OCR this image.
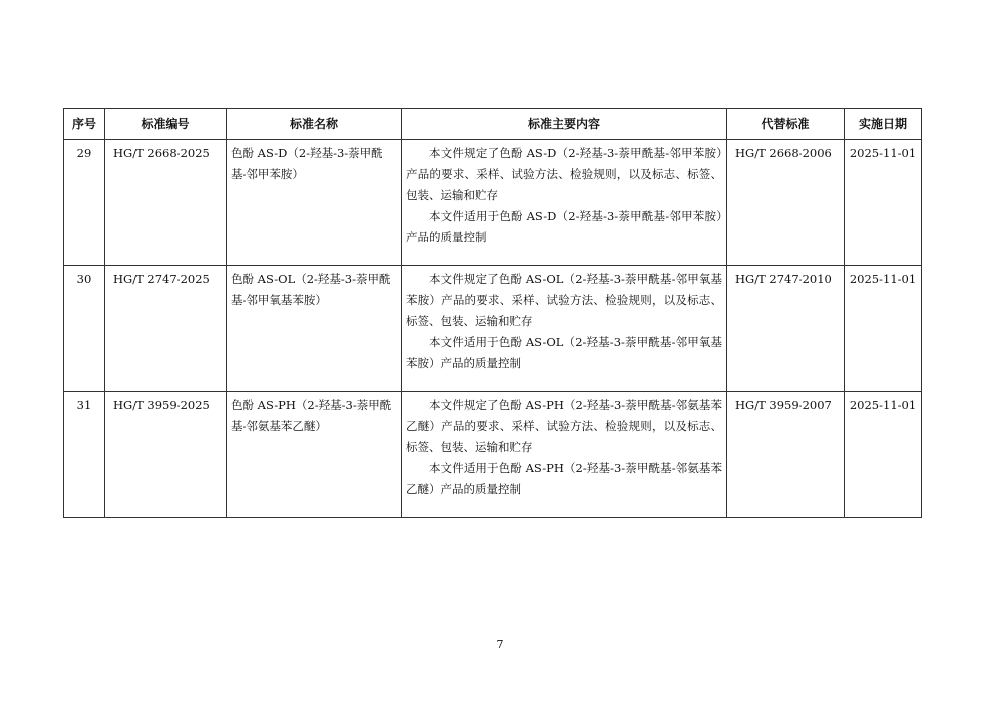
序号	标准编号	标准名称	标准主要内容	代替标准	实施日期
29	HG/T 2668-2025	色酚 AS-D（2-羟基-3-萘甲酰基-邻甲苯胺）	本文件规定了色酚 AS-D（2-羟基-3-萘甲酰基-邻甲苯胺）产品的要求、采样、试验方法、检验规则，以及标志、标签、包装、运输和贮存

本文件适用于色酚 AS-D（2-羟基-3-萘甲酰基-邻甲苯胺）产品的质量控制	HG/T 2668-2006	2025-11-01
30	HG/T 2747-2025	色酚 AS-OL（2-羟基-3-萘甲酰基-邻甲氧基苯胺）	本文件规定了色酚 AS-OL（2-羟基-3-萘甲酰基-邻甲氧基苯胺）产品的要求、采样、试验方法、检验规则，以及标志、标签、包装、运输和贮存

本文件适用于色酚 AS-OL（2-羟基-3-萘甲酰基-邻甲氧基苯胺）产品的质量控制	HG/T 2747-2010	2025-11-01
31	HG/T 3959-2025	色酚 AS-PH（2-羟基-3-萘甲酰基-邻氨基苯乙醚）	本文件规定了色酚 AS-PH（2-羟基-3-萘甲酰基-邻氨基苯乙醚）产品的要求、采样、试验方法、检验规则，以及标志、标签、包装、运输和贮存

本文件适用于色酚 AS-PH（2-羟基-3-萘甲酰基-邻氨基苯乙醚）产品的质量控制	HG/T 3959-2007	2025-11-01
7
